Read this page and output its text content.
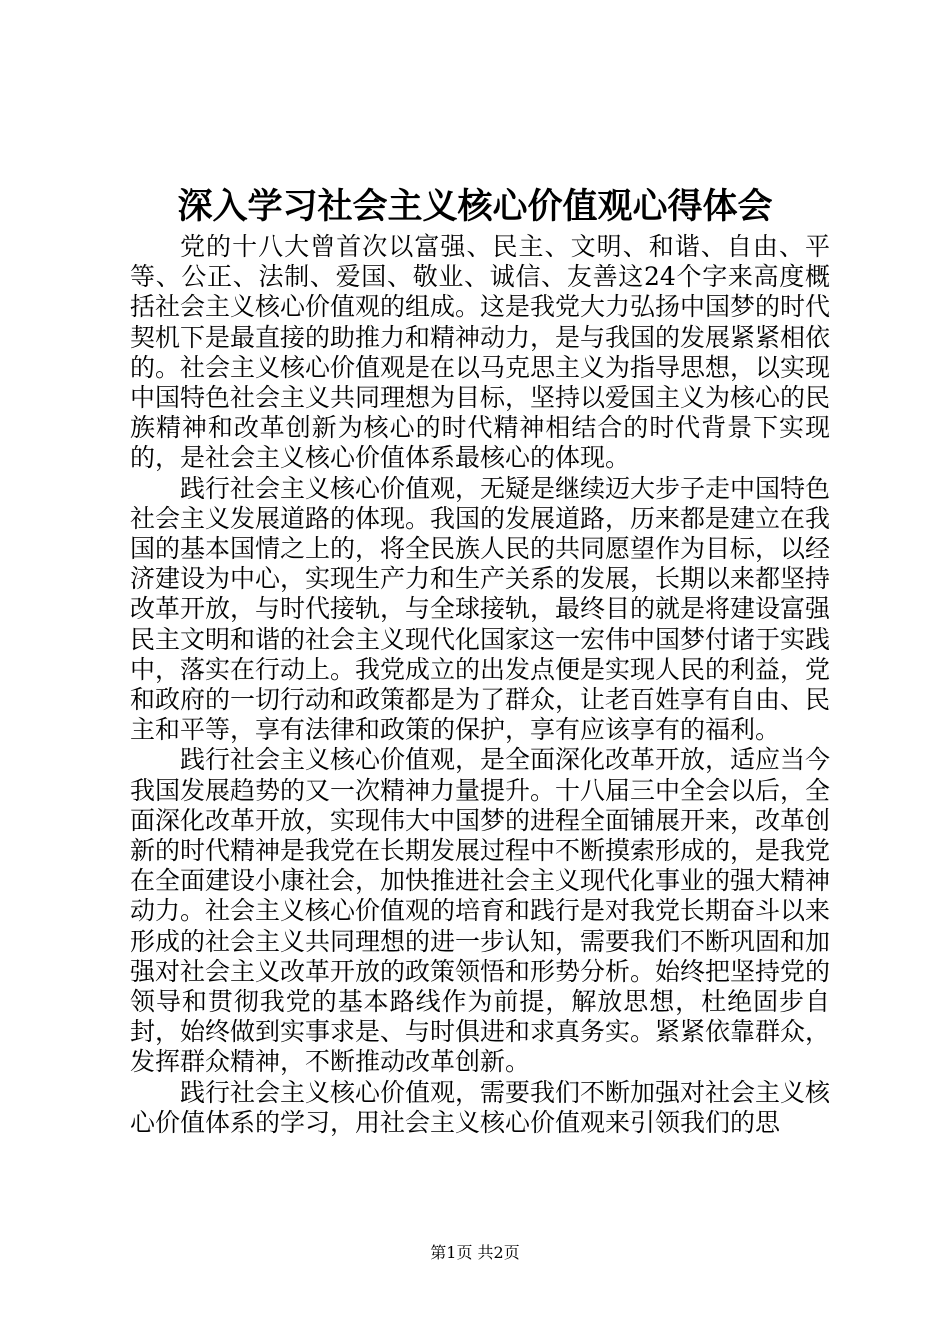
深入学习社会主义核心价值观心得体会

党的十八大曾首次以富强、民主、文明、和谐、自由、平等、公正、法制、爱国、敬业、诚信、友善这24个字来高度概括社会主义核心价值观的组成。这是我党大力弘扬中国梦的时代契机下是最直接的助推力和精神动力，是与我国的发展紧紧相依的。社会主义核心价值观是在以马克思主义为指导思想，以实现中国特色社会主义共同理想为目标，坚持以爱国主义为核心的民族精神和改革创新为核心的时代精神相结合的时代背景下实现的，是社会主义核心价值体系最核心的体现。

践行社会主义核心价值观，无疑是继续迈大步子走中国特色社会主义发展道路的体现。我国的发展道路，历来都是建立在我国的基本国情之上的，将全民族人民的共同愿望作为目标，以经济建设为中心，实现生产力和生产关系的发展，长期以来都坚持改革开放，与时代接轨，与全球接轨，最终目的就是将建设富强民主文明和谐的社会主义现代化国家这一宏伟中国梦付诸于实践中，落实在行动上。我党成立的出发点便是实现人民的利益，党和政府的一切行动和政策都是为了群众，让老百姓享有自由、民主和平等，享有法律和政策的保护，享有应该享有的福利。

践行社会主义核心价值观，是全面深化改革开放，适应当今我国发展趋势的又一次精神力量提升。十八届三中全会以后，全面深化改革开放，实现伟大中国梦的进程全面铺展开来，改革创新的时代精神是我党在长期发展过程中不断摸索形成的，是我党在全面建设小康社会，加快推进社会主义现代化事业的强大精神动力。社会主义核心价值观的培育和践行是对我党长期奋斗以来形成的社会主义共同理想的进一步认知，需要我们不断巩固和加强对社会主义改革开放的政策领悟和形势分析。始终把坚持党的领导和贯彻我党的基本路线作为前提，解放思想，杜绝固步自封，始终做到实事求是、与时俱进和求真务实。紧紧依靠群众，发挥群众精神，不断推动改革创新。

践行社会主义核心价值观，需要我们不断加强对社会主义核心价值体系的学习，用社会主义核心价值观来引领我们的思

第1页 共2页
